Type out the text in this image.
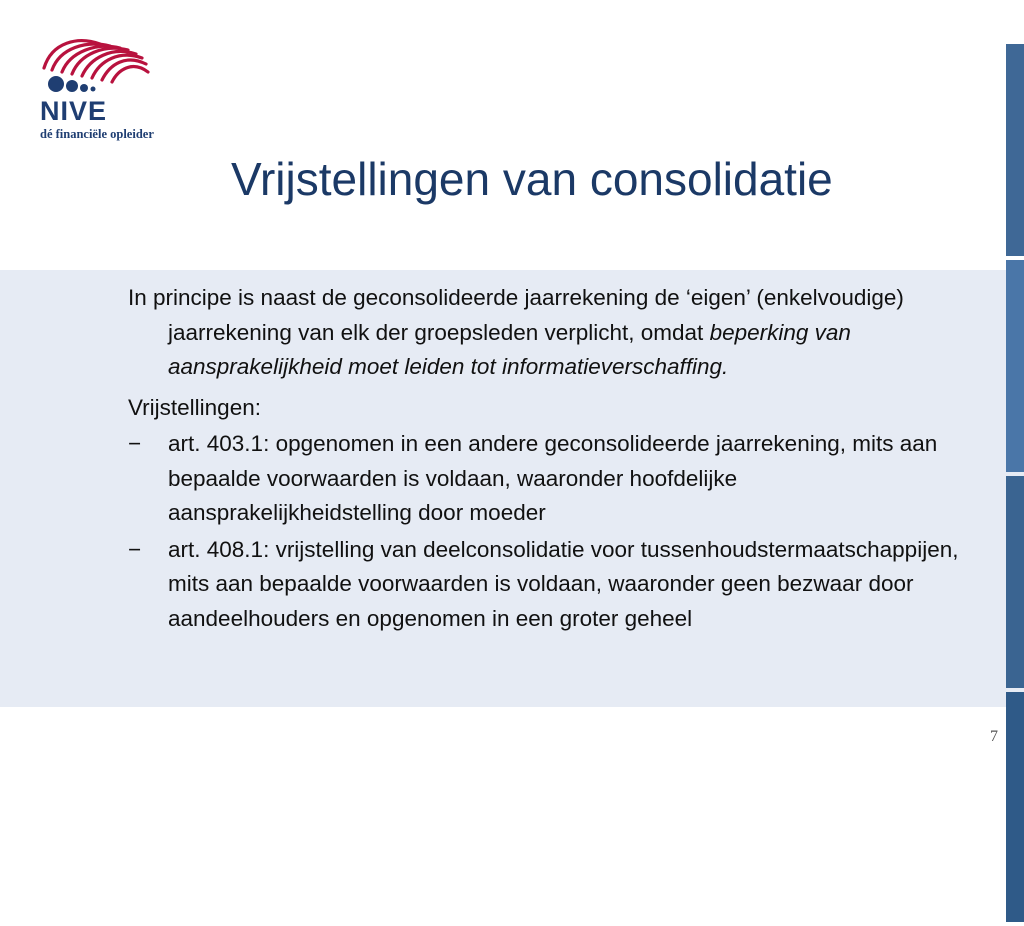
NIVE
dé financiële opleider
Vrijstellingen van consolidatie

In principe is naast de geconsolideerde jaarrekening de ‘eigen’ (enkelvoudige) jaarrekening van elk der groepsleden verplicht, omdat beperking van aansprakelijkheid moet leiden tot informatieverschaffing.

Vrijstellingen:

−	art. 403.1: opgenomen in een andere geconsolideerde jaarrekening, mits aan bepaalde voorwaarden is voldaan, waaronder hoofdelijke aansprakelijkheidstelling door moeder
−	art. 408.1: vrijstelling van deelconsolidatie voor tussenhoudstermaatschappijen, mits aan bepaalde voorwaarden is voldaan, waaronder geen bezwaar door aandeelhouders en opgenomen in een groter geheel
7
